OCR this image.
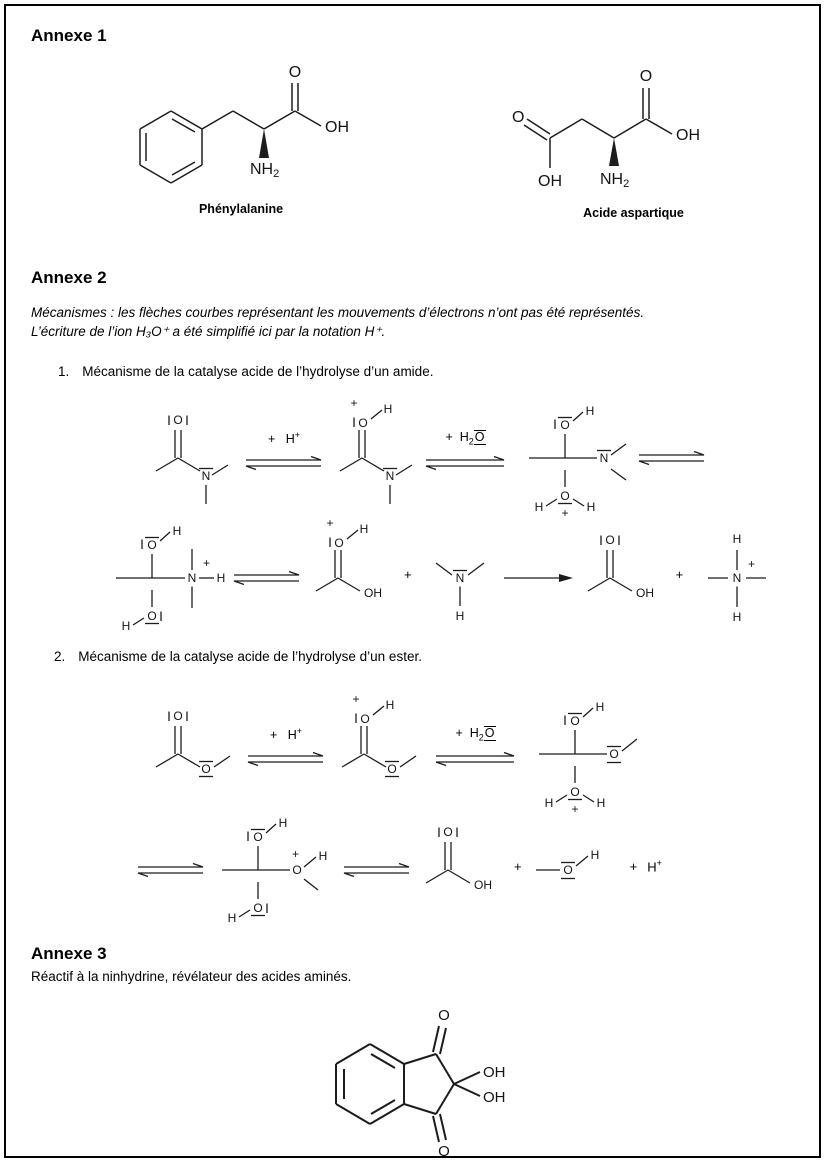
Annexe 1
O
OH
NH2
Phénylalanine
O
OH
O
OH
NH2
Acide aspartique
Annexe 2
Mécanismes : les flèches courbes représentant les mouvements d’électrons n’ont pas été représentés.
L’écriture de l’ion H₃O⁺ a été simplifié ici par la notation H⁺.
1. Mécanisme de la catalyse acide de l’hydrolyse d’un amide.
O
N
+ H+
O
+ H
N
+ $H_2O$
O
H
N
O
H	H
+
O
H
N
+
H
O
H
O
+ H
OH
+	N
H
O
OH
+	N
+
H
H
2. Mécanisme de la catalyse acide de l’hydrolyse d’un ester.
O
O
+ H+
O
+ H
O
+ $H_2O$
O
H
O
O
H	H
+
O
H
O
+ H
O
H
O
OH
+	O
H
+ H+
Annexe 3
Réactif à la ninhydrine, révélateur des acides aminés.
O
O
OH
OH
